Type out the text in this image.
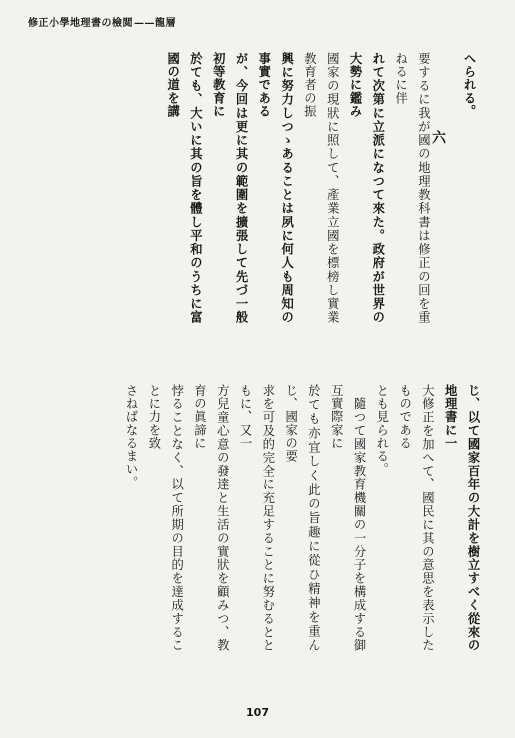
修正小學地理書の檢閲 ——龍層

へられる。

要するに我が國の地理教科書は修正の回を重ねるに伴

れて次第に立派になつて來た。政府が世界の大勢に鑑み

國家の現狀に照して、產業立國を標榜し實業教育者の振

興に努力しつゝあることは夙に何人も周知の事實である

が、今回は更に其の範圍を擴張して先づ一般初等教育に

於ても、大いに其の旨を體し平和のうちに富國の道を講

六

じ、以て國家百年の大計を樹立すべく從來の地理書に一

大修正を加へて、國民に其の意思を表示したものである

とも見られる。

　隨つて國家教育機關の一分子を構成する御互實際家に

於ても亦宜しく此の旨趣に從ひ精神を重んじ、國家の要

求を可及的完全に充足することに努むるとともに、又一

方兒童心意の發達と生活の實狀を顧みつ、教育の眞諦に

悖ることなく、以て所期の目的を達成することに力を致

さねばなるまい。

107
